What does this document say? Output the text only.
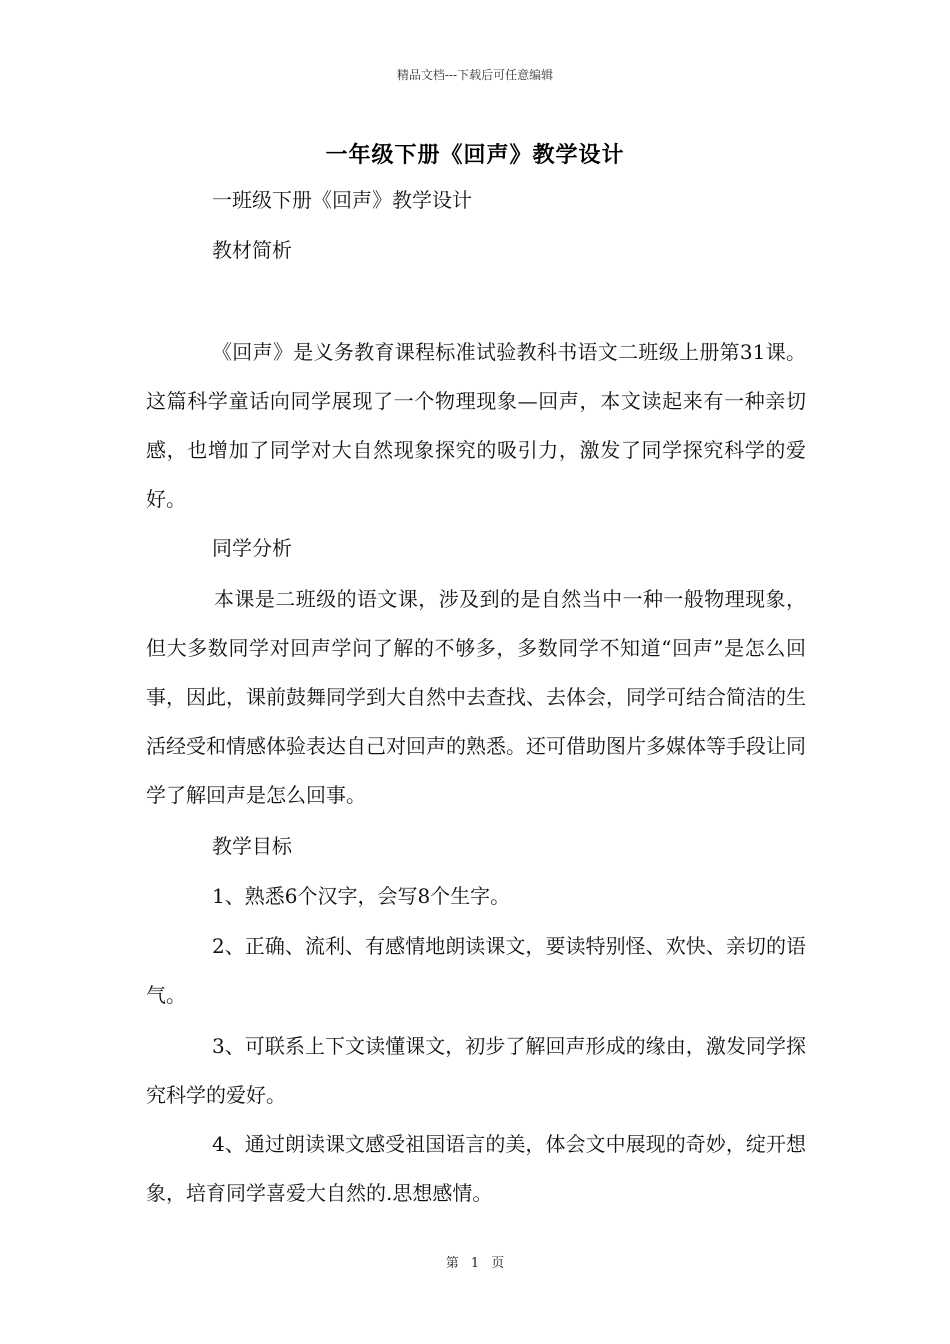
精品文档---下载后可任意编辑
一年级下册《回声》教学设计

一班级下册《回声》教学设计

教材简析

《回声》是义务教育课程标准试验教科书语文二班级上册第31课。这篇科学童话向同学展现了一个物理现象—回声，本文读起来有一种亲切感，也增加了同学对大自然现象探究的吸引力，激发了同学探究科学的爱好。

同学分析

本课是二班级的语文课，涉及到的是自然当中一种一般物理现象，但大多数同学对回声学问了解的不够多，多数同学不知道“回声”是怎么回事，因此，课前鼓舞同学到大自然中去查找、去体会，同学可结合简洁的生活经受和情感体验表达自己对回声的熟悉。还可借助图片多媒体等手段让同学了解回声是怎么回事。

教学目标

1、熟悉6个汉字，会写8个生字。

2、正确、流利、有感情地朗读课文，要读特别怪、欢快、亲切的语气。

3、可联系上下文读懂课文，初步了解回声形成的缘由，激发同学探究科学的爱好。

4、通过朗读课文感受祖国语言的美，体会文中展现的奇妙，绽开想象，培育同学喜爱大自然的.思想感情。

第 1 页
